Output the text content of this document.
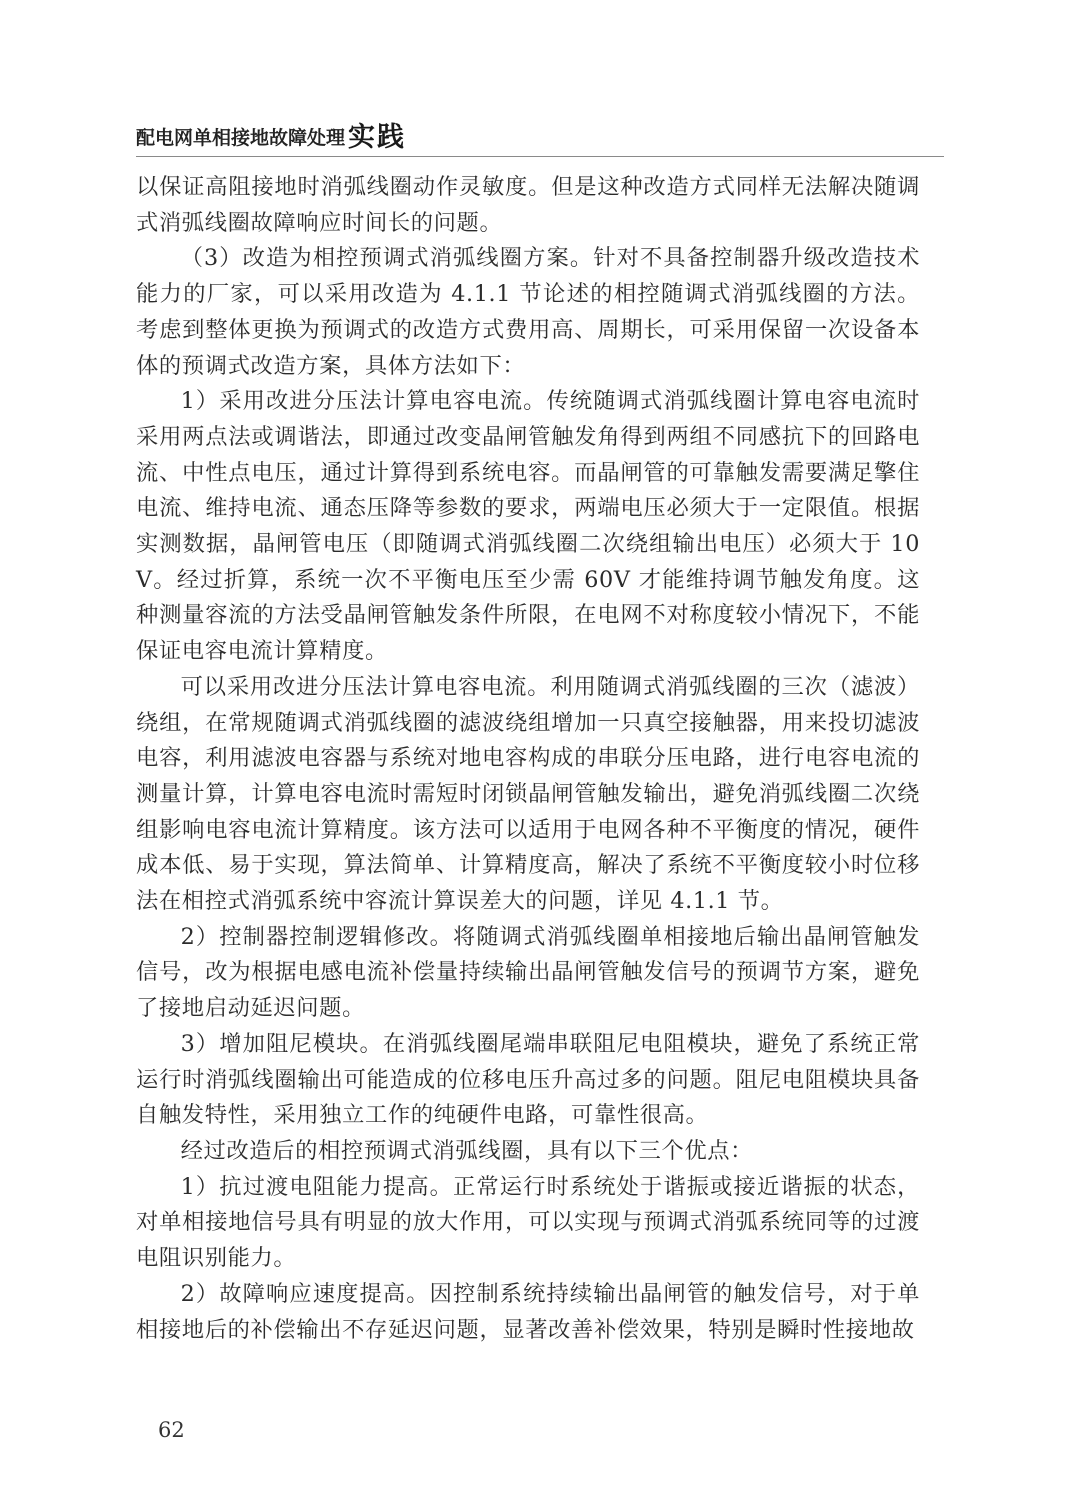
配电网单相接地故障处理 实践

以保证高阻接地时消弧线圈动作灵敏度。但是这种改造方式同样无法解决随调式消弧线圈故障响应时间长的问题。

（3）改造为相控预调式消弧线圈方案。针对不具备控制器升级改造技术能力的厂家，可以采用改造为 4.1.1 节论述的相控随调式消弧线圈的方法。考虑到整体更换为预调式的改造方式费用高、周期长，可采用保留一次设备本体的预调式改造方案，具体方法如下：

1）采用改进分压法计算电容电流。传统随调式消弧线圈计算电容电流时采用两点法或调谐法，即通过改变晶闸管触发角得到两组不同感抗下的回路电流、中性点电压，通过计算得到系统电容。而晶闸管的可靠触发需要满足擎住电流、维持电流、通态压降等参数的要求，两端电压必须大于一定限值。根据实测数据，晶闸管电压（即随调式消弧线圈二次绕组输出电压）必须大于 10V。经过折算，系统一次不平衡电压至少需 60V 才能维持调节触发角度。这种测量容流的方法受晶闸管触发条件所限，在电网不对称度较小情况下，不能保证电容电流计算精度。

可以采用改进分压法计算电容电流。利用随调式消弧线圈的三次（滤波）绕组，在常规随调式消弧线圈的滤波绕组增加一只真空接触器，用来投切滤波电容，利用滤波电容器与系统对地电容构成的串联分压电路，进行电容电流的测量计算，计算电容电流时需短时闭锁晶闸管触发输出，避免消弧线圈二次绕组影响电容电流计算精度。该方法可以适用于电网各种不平衡度的情况，硬件成本低、易于实现，算法简单、计算精度高，解决了系统不平衡度较小时位移法在相控式消弧系统中容流计算误差大的问题，详见 4.1.1 节。

2）控制器控制逻辑修改。将随调式消弧线圈单相接地后输出晶闸管触发信号，改为根据电感电流补偿量持续输出晶闸管触发信号的预调节方案，避免了接地启动延迟问题。

3）增加阻尼模块。在消弧线圈尾端串联阻尼电阻模块，避免了系统正常运行时消弧线圈输出可能造成的位移电压升高过多的问题。阻尼电阻模块具备自触发特性，采用独立工作的纯硬件电路，可靠性很高。

经过改造后的相控预调式消弧线圈，具有以下三个优点：

1）抗过渡电阻能力提高。正常运行时系统处于谐振或接近谐振的状态，对单相接地信号具有明显的放大作用，可以实现与预调式消弧系统同等的过渡电阻识别能力。

2）故障响应速度提高。因控制系统持续输出晶闸管的触发信号，对于单相接地后的补偿输出不存延迟问题，显著改善补偿效果，特别是瞬时性接地故

62
